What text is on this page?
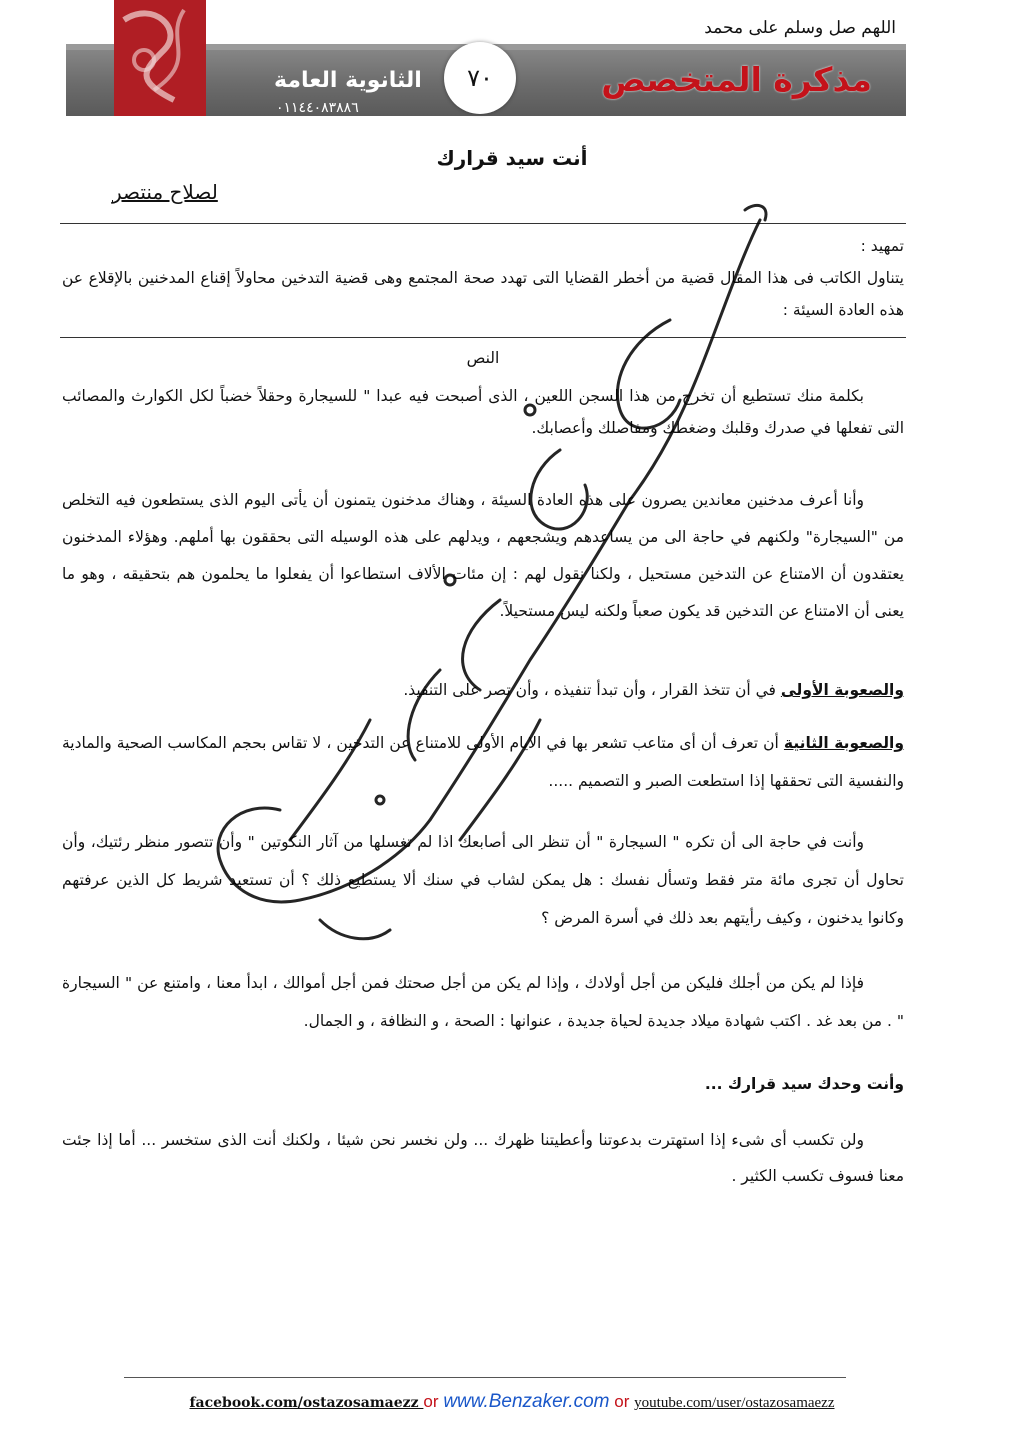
اللهم صل وسلم على محمد
مذكرة المتخصص
الثانوية العامة
٠١١٤٤٠٨٣٨٨٦
٧٠
أنت سيد قرارك
لصلاح منتصر

تمهيد :

يتناول الكاتب فى هذا المقال قضية من أخطر القضايا التى تهدد صحة المجتمع وهى قضية التدخين محاولاً إقناع المدخنين بالإقلاع عن هذه العادة السيئة :

النص
بكلمة منك تستطيع أن تخرج من هذا السجن اللعين ، الذى أصبحت فيه عبدا " للسيجارة وحقلاً خضباً لكل الكوارث والمصائب التى تفعلها في صدرك وقلبك وضغطك ومفاصلك وأعصابك.
وأنا أعرف مدخنين معاندين يصرون على هذه العادة السيئة ، وهناك مدخنون يتمنون أن يأتى اليوم الذى يستطعون فيه التخلص من "السيجارة" ولكنهم في حاجة الى من يساعدهم ويشجعهم ، ويدلهم على هذه الوسيله التى بحققون بها أملهم. وهؤلاء المدخنون يعتقدون أن الامتناع عن التدخين مستحيل ، ولكنا نقول لهم : إن مئات الألاف استطاعوا أن يفعلوا ما يحلمون هم بتحقيقه ، وهو ما يعنى أن الامتناع عن التدخين قد يكون صعباً ولكنه ليس مستحيلاً.
والصعوبة الأولى في أن تتخذ القرار ، وأن تبدأ تنفيذه ، وأن تصر على التنفيذ.
والصعوبة الثانية أن تعرف أن أى متاعب تشعر بها في الايام الأولى للامتناع عن التدخين ، لا تقاس بحجم المكاسب الصحية والمادية والنفسية التى تحققها إذا استطعت الصبر و التصميم .....
وأنت في حاجة الى أن تكره " السيجارة " أن تنظر الى أصابعك اذا لم تغسلها من آثار النكوتين " وأن تتصور منظر رئتيك، وأن تحاول أن تجرى مائة متر فقط وتسأل نفسك : هل يمكن لشاب في سنك ألا يستطيع ذلك ؟ أن تستعيد شريط كل الذين عرفتهم وكانوا يدخنون ، وكيف رأيتهم بعد ذلك في أسرة المرض ؟
فإذا لم يكن من أجلك فليكن من أجل أولادك ، وإذا لم يكن من أجل صحتك فمن أجل أموالك ، ابدأ معنا ، وامتنع عن " السيجارة " . من بعد غد . اكتب شهادة ميلاد جديدة لحياة جديدة ، عنوانها : الصحة ، و النظافة ، و الجمال.
وأنت وحدك سيد قرارك ...
ولن تكسب أى شىء إذا استهترت بدعوتنا وأعطيتنا ظهرك ... ولن نخسر نحن شيئا ، ولكنك أنت الذى ستخسر ... أما إذا جئت معنا فسوف تكسب الكثير .
facebook.com/ostazosamaezz or www.Benzaker.com or youtube.com/user/ostazosamaezz
